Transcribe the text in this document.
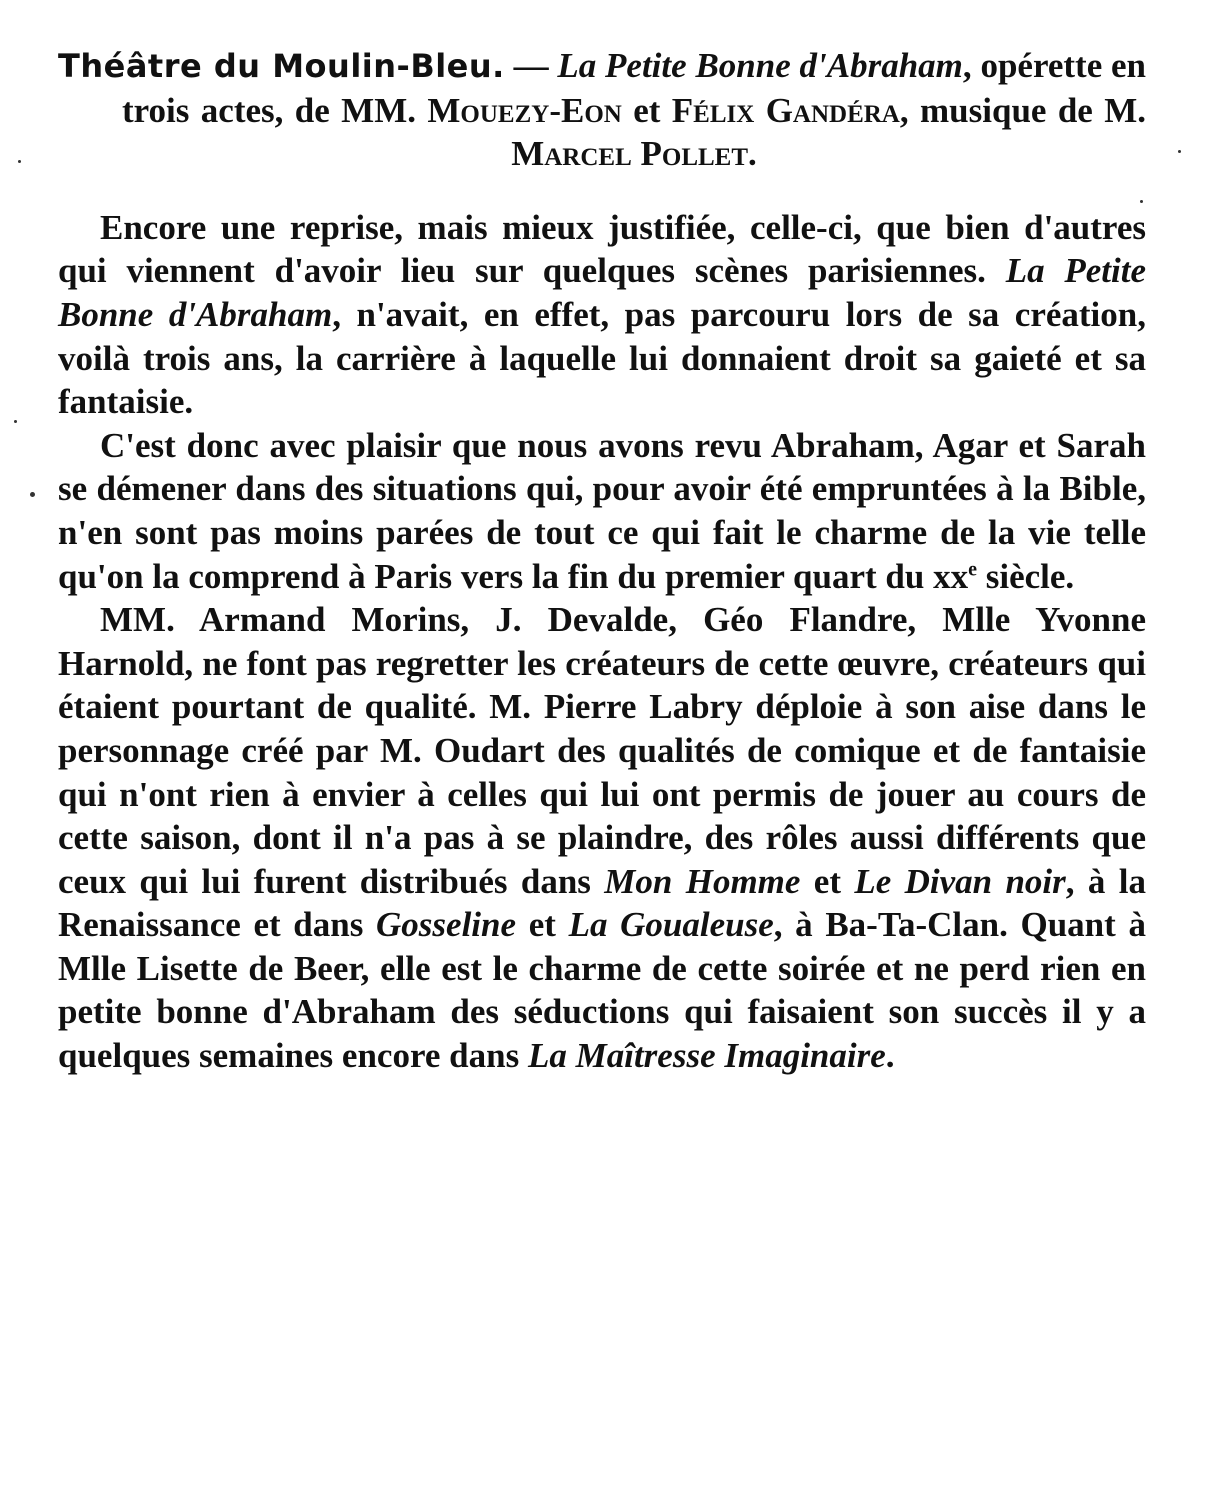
Théâtre du Moulin-Bleu. — La Petite Bonne d'Abraham, opérette en trois actes, de MM. Mouezy-Eon et Félix Gandéra, musique de M. Marcel Pollet.

Encore une reprise, mais mieux justifiée, celle-ci, que bien d'autres qui viennent d'avoir lieu sur quelques scènes parisiennes. La Petite Bonne d'Abraham, n'avait, en effet, pas parcouru lors de sa création, voilà trois ans, la carrière à laquelle lui donnaient droit sa gaieté et sa fantaisie.

C'est donc avec plaisir que nous avons revu Abraham, Agar et Sarah se démener dans des situations qui, pour avoir été empruntées à la Bible, n'en sont pas moins parées de tout ce qui fait le charme de la vie telle qu'on la comprend à Paris vers la fin du premier quart du $xx^e$ siècle.

MM. Armand Morins, J. Devalde, Géo Flandre, Mlle Yvonne Harnold, ne font pas regretter les créateurs de cette œuvre, créateurs qui étaient pourtant de qualité. M. Pierre Labry déploie à son aise dans le personnage créé par M. Oudart des qualités de comique et de fantaisie qui n'ont rien à envier à celles qui lui ont permis de jouer au cours de cette saison, dont il n'a pas à se plaindre, des rôles aussi différents que ceux qui lui furent distribués dans Mon Homme et Le Divan noir, à la Renaissance et dans Gosseline et La Goualeuse, à Ba-Ta-Clan. Quant à Mlle Lisette de Beer, elle est le charme de cette soirée et ne perd rien en petite bonne d'Abraham des séductions qui faisaient son succès il y a quelques semaines encore dans La Maîtresse Imaginaire.
